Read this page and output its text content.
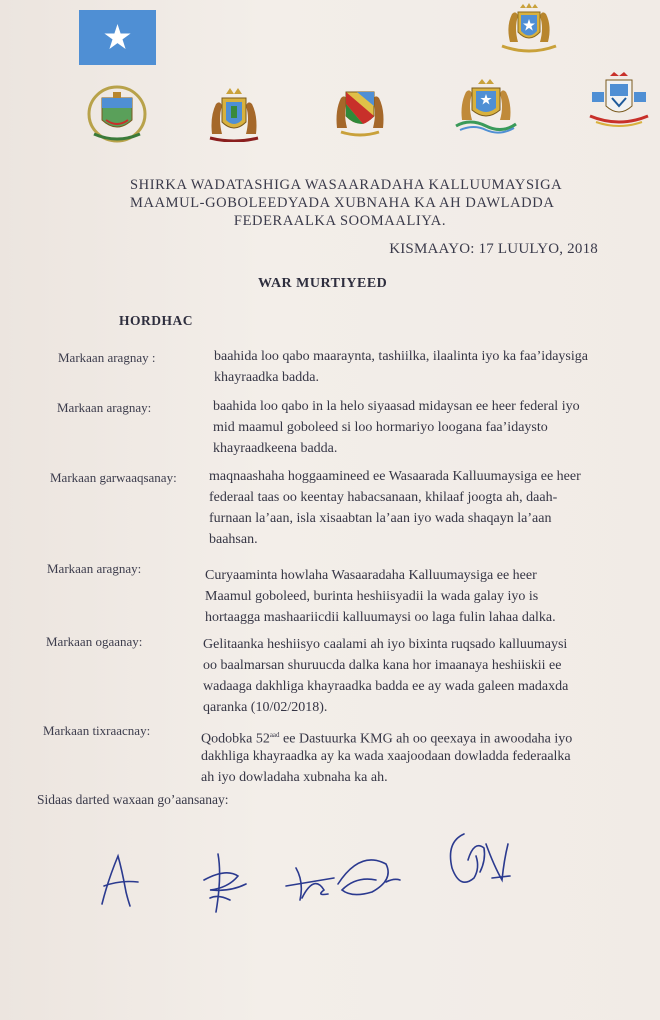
SHIRKA WADATASHIGA WASAARADAHA KALLUUMAYSIGA
MAAMUL-GOBOLEEDYADA XUBNAHA KA AH DAWLADDA
FEDERAALKA SOOMAALIYA.
KISMAAYO: 17 LUULYO, 2018
WAR MURTIYEED
HORDHAC
Markaan aragnay :	baahida loo qabo maaraynta, tashiilka, ilaalinta iyo ka faa’idaysiga
khayraadka badda.
Markaan aragnay:	baahida loo qabo in la helo siyaasad midaysan ee heer federal iyo
mid maamul goboleed si loo hormariyo loogana faa’idaysto
khayraadkeena badda.
Markaan garwaaqsanay: maqnaashaha hoggaamineed ee Wasaarada Kalluumaysiga ee heer
federaal taas oo keentay habacsanaan, khilaaf joogta ah, daah-
furnaan la’aan, isla xisaabtan la’aan iyo wada shaqayn la’aan
baahsan.
Markaan aragnay:	Curyaaminta howlaha Wasaaradaha Kalluumaysiga ee heer
Maamul goboleed, burinta heshiisyadii la wada galay iyo is
hortaagga mashaariicdii kalluumaysi oo laga fulin lahaa dalka.
Markaan ogaanay:	Gelitaanka heshiisyo caalami ah iyo bixinta ruqsado kalluumaysi
oo baalmarsan shuruucda dalka kana hor imaanaya heshiiskii ee
wadaaga dakhliga khayraadka badda ee ay wada galeen madaxda
qaranka (10/02/2018).
Markaan tixraacnay:
Qodobka $52^{aad}$ ee Dastuurka KMG ah oo qeexaya in awoodaha iyo
dakhliga khayraadka ay ka wada xaajoodaan dowladda federaalka
ah iyo dowladaha xubnaha ka ah.
Sidaas darted waxaan go’aansanay:
